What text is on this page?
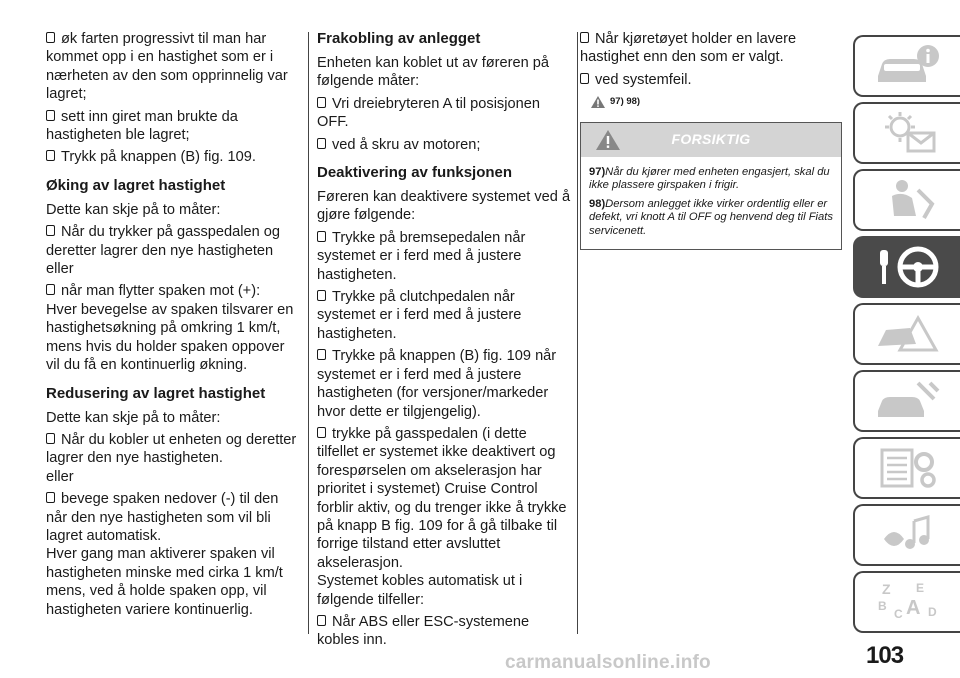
øk farten progressivt til man har kommet opp i en hastighet som er i nærheten av den som opprinnelig var lagret;

sett inn giret man brukte da hastigheten ble lagret;

Trykk på knappen (B) fig. 109.

Øking av lagret hastighet

Dette kan skje på to måter:

Når du trykker på gasspedalen og deretter lagrer den nye hastigheten

eller

når man flytter spaken mot (+):

Hver bevegelse av spaken tilsvarer en hastighetsøkning på omkring 1 km/t, mens hvis du holder spaken oppover vil du få en kontinuerlig økning.

Redusering av lagret hastighet

Dette kan skje på to måter:

Når du kobler ut enheten og deretter lagrer den nye hastigheten.

eller

bevege spaken nedover (-) til den når den nye hastigheten som vil bli lagret automatisk.

Hver gang man aktiverer spaken vil hastigheten minske med cirka 1 km/t mens, ved å holde spaken opp, vil hastigheten variere kontinuerlig.

Frakobling av anlegget

Enheten kan koblet ut av føreren på følgende måter:

Vri dreiebryteren A til posisjonen OFF.

ved å skru av motoren;

Deaktivering av funksjonen

Føreren kan deaktivere systemet ved å gjøre følgende:

Trykke på bremsepedalen når systemet er i ferd med å justere hastigheten.

Trykke på clutchpedalen når systemet er i ferd med å justere hastigheten.

Trykke på knappen (B) fig. 109 når systemet er i ferd med å justere hastigheten (for versjoner/markeder hvor dette er tilgjengelig).

trykke på gasspedalen (i dette tilfellet er systemet ikke deaktivert og forespørselen om akselerasjon har prioritet i systemet) Cruise Control forblir aktiv, og du trenger ikke å trykke på knapp B fig. 109 for å gå tilbake til forrige tilstand etter avsluttet akselerasjon.

Systemet kobles automatisk ut i følgende tilfeller:

Når ABS eller ESC-systemene kobles inn.

Når kjøretøyet holder en lavere hastighet enn den som er valgt.

ved systemfeil.

97) 98)
FORSIKTIG

97)Når du kjører med enheten engasjert, skal du ikke plassere girspaken i frigir.

98)Dersom anlegget ikke virker ordentlig eller er defekt, vri knott A til OFF og henvend deg til Fiats servicenett.

Z E
B A
C D
103
carmanualsonline.info
